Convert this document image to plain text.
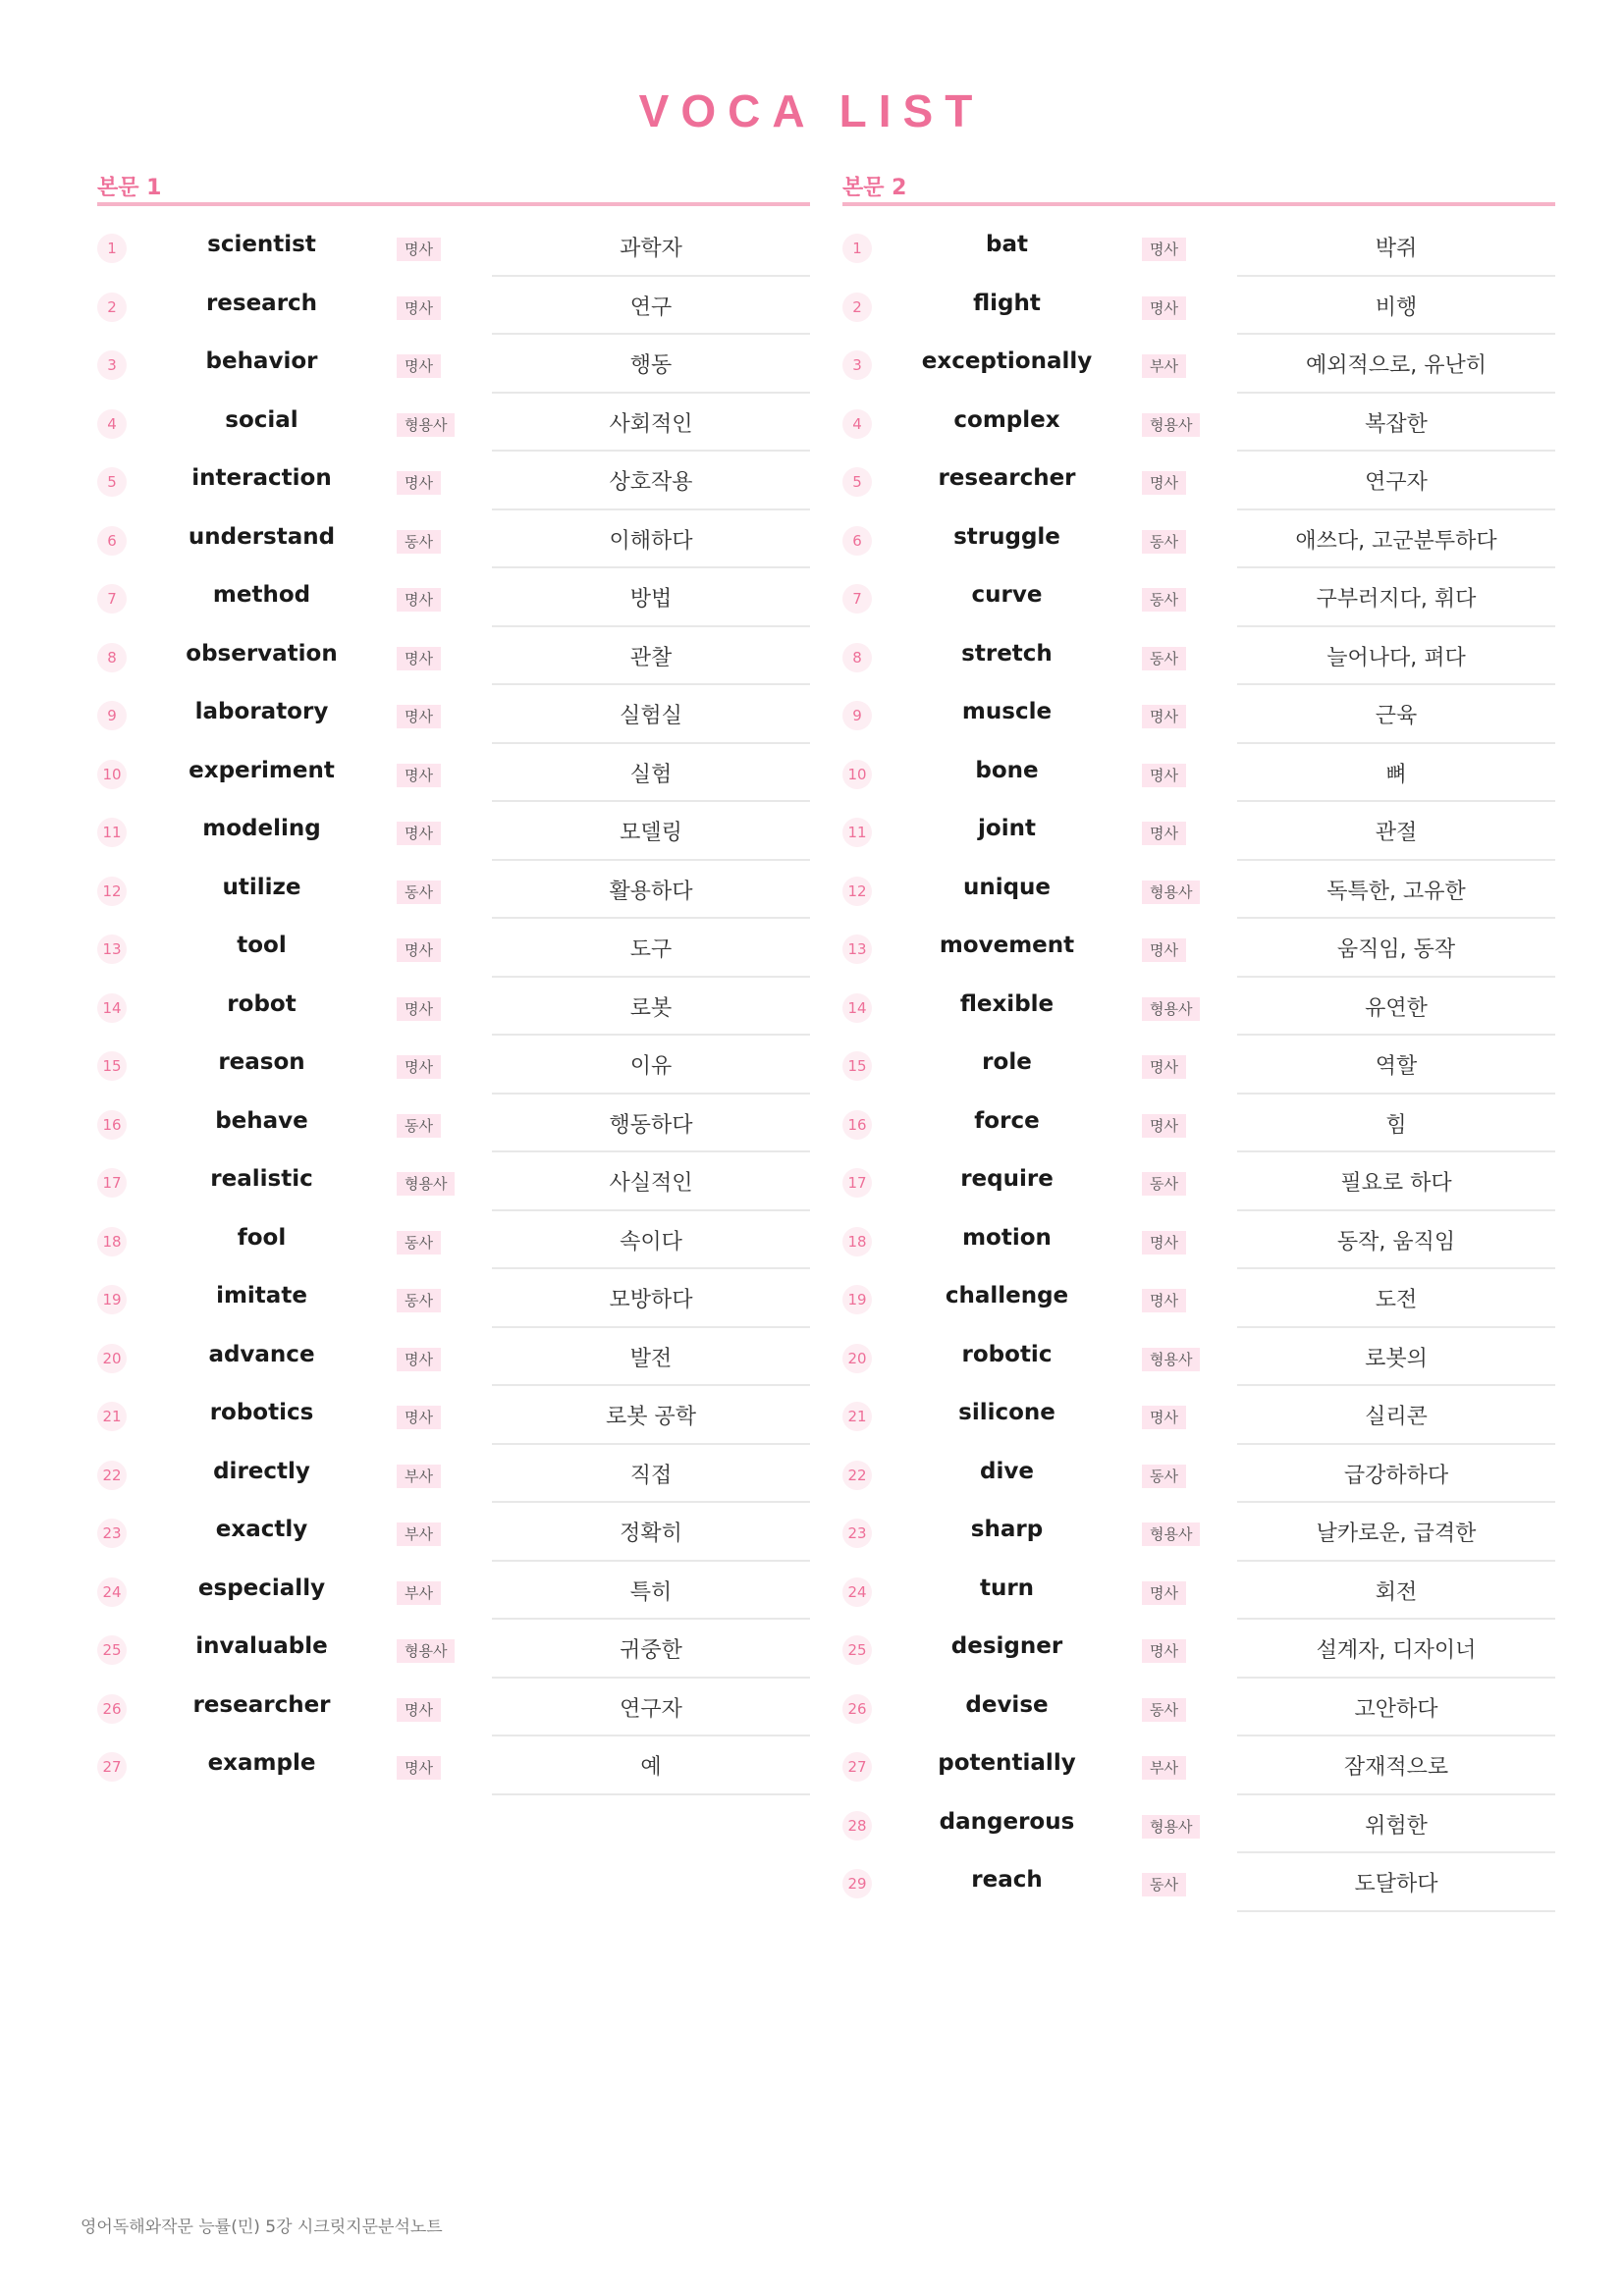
VOCA LIST
본문 1
1	scientist	명사	과학자
2	research	명사	연구
3	behavior	명사	행동
4	social	형용사	사회적인
5	interaction	명사	상호작용
6	understand	동사	이해하다
7	method	명사	방법
8	observation	명사	관찰
9	laboratory	명사	실험실
10	experiment	명사	실험
11	modeling	명사	모델링
12	utilize	동사	활용하다
13	tool	명사	도구
14	robot	명사	로봇
15	reason	명사	이유
16	behave	동사	행동하다
17	realistic	형용사	사실적인
18	fool	동사	속이다
19	imitate	동사	모방하다
20	advance	명사	발전
21	robotics	명사	로봇 공학
22	directly	부사	직접
23	exactly	부사	정확히
24	especially	부사	특히
25	invaluable	형용사	귀중한
26	researcher	명사	연구자
27	example	명사	예
본문 2
1	bat	명사	박쥐
2	flight	명사	비행
3	exceptionally	부사	예외적으로, 유난히
4	complex	형용사	복잡한
5	researcher	명사	연구자
6	struggle	동사	애쓰다, 고군분투하다
7	curve	동사	구부러지다, 휘다
8	stretch	동사	늘어나다, 펴다
9	muscle	명사	근육
10	bone	명사	뼈
11	joint	명사	관절
12	unique	형용사	독특한, 고유한
13	movement	명사	움직임, 동작
14	flexible	형용사	유연한
15	role	명사	역할
16	force	명사	힘
17	require	동사	필요로 하다
18	motion	명사	동작, 움직임
19	challenge	명사	도전
20	robotic	형용사	로봇의
21	silicone	명사	실리콘
22	dive	동사	급강하하다
23	sharp	형용사	날카로운, 급격한
24	turn	명사	회전
25	designer	명사	설계자, 디자이너
26	devise	동사	고안하다
27	potentially	부사	잠재적으로
28	dangerous	형용사	위험한
29	reach	동사	도달하다
영어독해와작문 능률(민) 5강 시크릿지문분석노트
